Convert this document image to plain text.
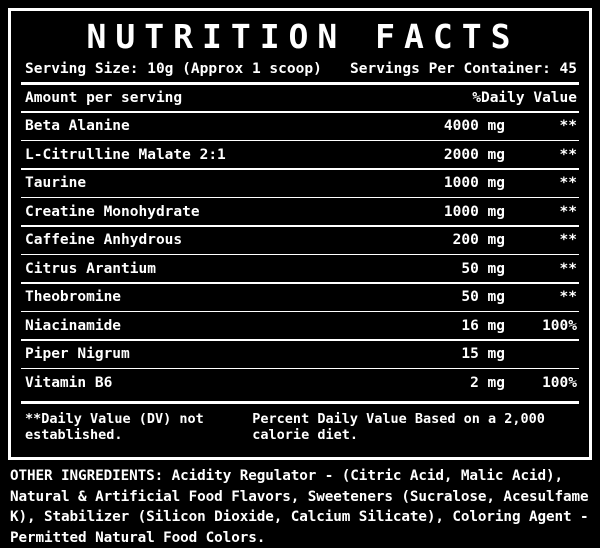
NUTRITION FACTS
Serving Size: 10g (Approx 1 scoop) Servings Per Container: 45
Amount per serving	%Daily Value
Beta Alanine	4000 mg	**
L-Citrulline Malate 2:1	2000 mg	**
Taurine	1000 mg	**
Creatine Monohydrate	1000 mg	**
Caffeine Anhydrous	200 mg	**
Citrus Arantium	50 mg	**
Theobromine	50 mg	**
Niacinamide	16 mg	100%
Piper Nigrum	15 mg
Vitamin B6	2 mg	100%
**Daily Value (DV) not established.
Percent Daily Value Based on a 2,000 calorie diet.
OTHER INGREDIENTS: Acidity Regulator - (Citric Acid, Malic Acid), Natural & Artificial Food Flavors, Sweeteners (Sucralose, Acesulfame K), Stabilizer (Silicon Dioxide, Calcium Silicate), Coloring Agent - Permitted Natural Food Colors.
